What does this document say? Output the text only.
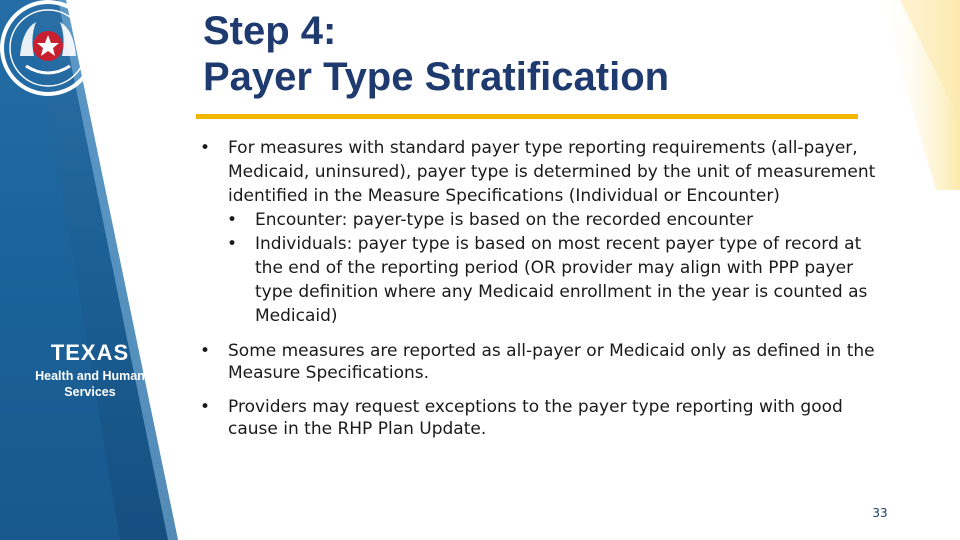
TEXAS
Health and Human
Services
Step 4:
Payer Type Stratification

• For measures with standard payer type reporting requirements (all-payer, Medicaid, uninsured), payer type is determined by the unit of measurement identified in the Measure Specifications (Individual or Encounter)

• Encounter: payer-type is based on the recorded encounter

• Individuals: payer type is based on most recent payer type of record at the end of the reporting period (OR provider may align with PPP payer type definition where any Medicaid enrollment in the year is counted as Medicaid)

• Some measures are reported as all-payer or Medicaid only as defined in the Measure Specifications.

• Providers may request exceptions to the payer type reporting with good cause in the RHP Plan Update.

33
